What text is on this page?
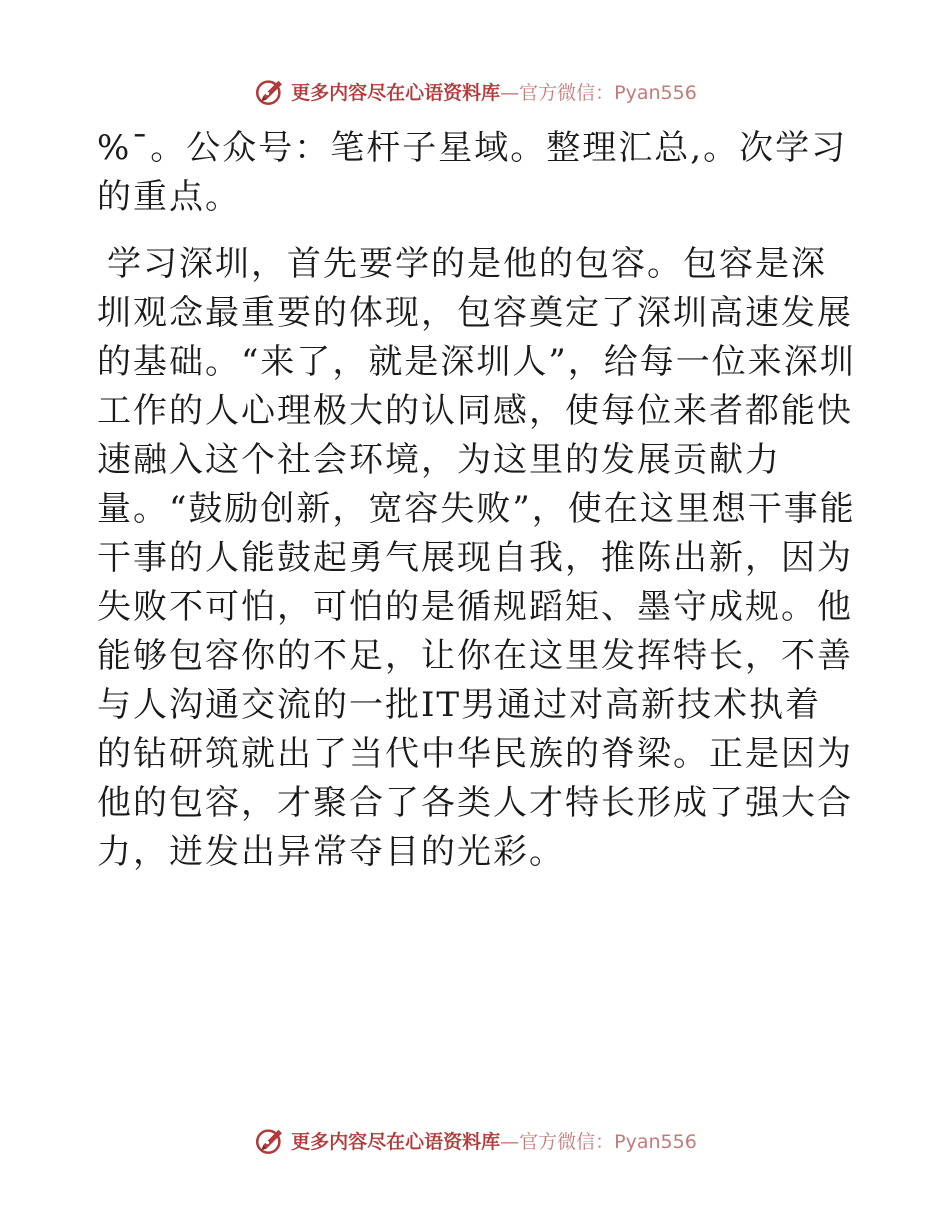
更多内容尽在心语资料库—官方微信：Pyan556

%¯。公众号：笔杆子星域。整理汇总,。次学习的重点。

学习深圳，首先要学的是他的包容。包容是深圳观念最重要的体现，包容奠定了深圳高速发展的基础。“来了，就是深圳人”，给每一位来深圳工作的人心理极大的认同感，使每位来者都能快速融入这个社会环境，为这里的发展贡献力量。“鼓励创新，宽容失败”，使在这里想干事能干事的人能鼓起勇气展现自我，推陈出新，因为失败不可怕，可怕的是循规蹈矩、墨守成规。他能够包容你的不足，让你在这里发挥特长，不善与人沟通交流的一批IT男通过对高新技术执着的钻研筑就出了当代中华民族的脊梁。正是因为他的包容，才聚合了各类人才特长形成了强大合力，迸发出异常夺目的光彩。

更多内容尽在心语资料库—官方微信：Pyan556
